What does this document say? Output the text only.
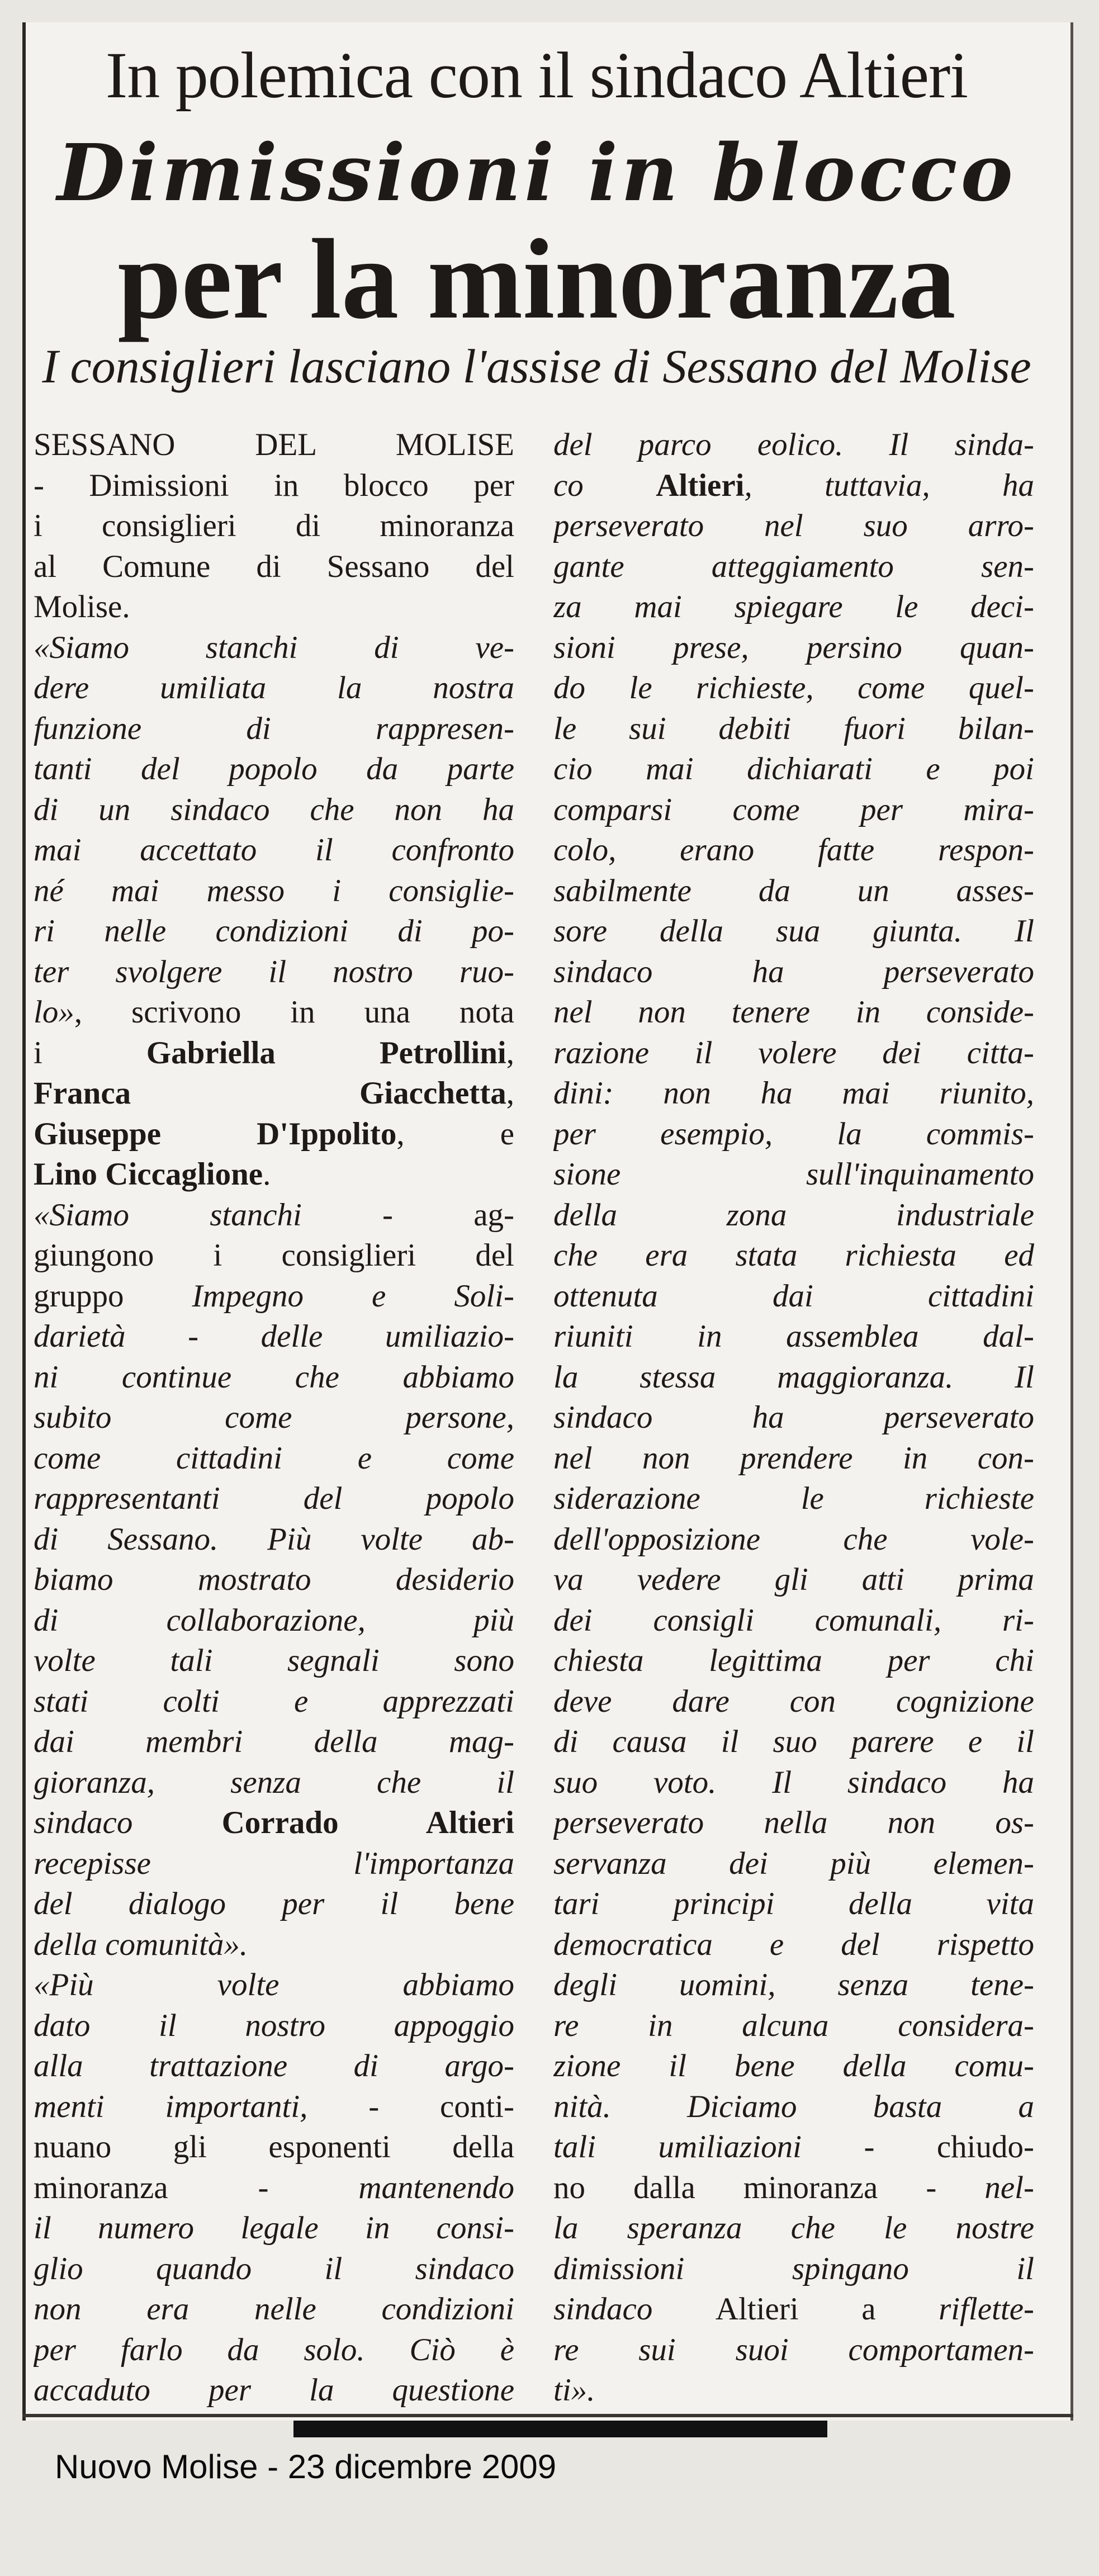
In polemica con il sindaco Altieri
Dimissioni in blocco
per la minoranza
I consiglieri lasciano l'assise di Sessano del Molise
SESSANO DEL MOLISE
- Dimissioni in blocco per
i consiglieri di minoranza
al Comune di Sessano del
Molise.
«Siamo stanchi di ve-
dere umiliata la nostra
funzione di rappresen-
tanti del popolo da parte
di un sindaco che non ha
mai accettato il confronto
né mai messo i consiglie-
ri nelle condizioni di po-
ter svolgere il nostro ruo-
lo», scrivono in una nota
i Gabriella Petrollini,
Franca Giacchetta,
Giuseppe D'Ippolito, e
Lino Ciccaglione.
«Siamo stanchi - ag-
giungono i consiglieri del
gruppo Impegno e Soli-
darietà - delle umiliazio-
ni continue che abbiamo
subito come persone,
come cittadini e come
rappresentanti del popolo
di Sessano. Più volte ab-
biamo mostrato desiderio
di collaborazione, più
volte tali segnali sono
stati colti e apprezzati
dai membri della mag-
gioranza, senza che il
sindaco Corrado Altieri
recepisse l'importanza
del dialogo per il bene
della comunità».
«Più volte abbiamo
dato il nostro appoggio
alla trattazione di argo-
menti importanti, - conti-
nuano gli esponenti della
minoranza - mantenendo
il numero legale in consi-
glio quando il sindaco
non era nelle condizioni
per farlo da solo. Ciò è
accaduto per la questione
del parco eolico. Il sinda-
co Altieri, tuttavia, ha
perseverato nel suo arro-
gante atteggiamento sen-
za mai spiegare le deci-
sioni prese, persino quan-
do le richieste, come quel-
le sui debiti fuori bilan-
cio mai dichiarati e poi
comparsi come per mira-
colo, erano fatte respon-
sabilmente da un asses-
sore della sua giunta. Il
sindaco ha perseverato
nel non tenere in conside-
razione il volere dei citta-
dini: non ha mai riunito,
per esempio, la commis-
sione sull'inquinamento
della zona industriale
che era stata richiesta ed
ottenuta dai cittadini
riuniti in assemblea dal-
la stessa maggioranza. Il
sindaco ha perseverato
nel non prendere in con-
siderazione le richieste
dell'opposizione che vole-
va vedere gli atti prima
dei consigli comunali, ri-
chiesta legittima per chi
deve dare con cognizione
di causa il suo parere e il
suo voto. Il sindaco ha
perseverato nella non os-
servanza dei più elemen-
tari principi della vita
democratica e del rispetto
degli uomini, senza tene-
re in alcuna considera-
zione il bene della comu-
nità. Diciamo basta a
tali umiliazioni - chiudo-
no dalla minoranza - nel-
la speranza che le nostre
dimissioni spingano il
sindaco Altieri a riflette-
re sui suoi comportamen-
ti».
Nuovo Molise - 23 dicembre 2009
